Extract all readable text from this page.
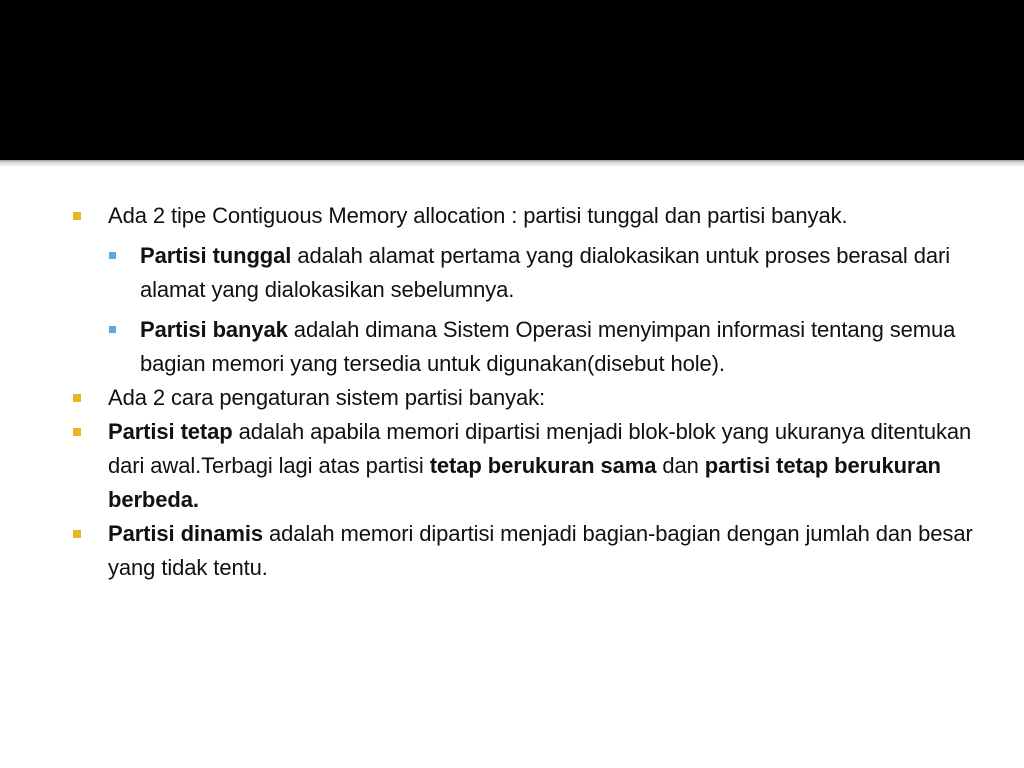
Ada 2 tipe Contiguous Memory allocation : partisi tunggal dan partisi banyak.
Partisi tunggal adalah alamat pertama yang dialokasikan untuk proses berasal dari alamat yang dialokasikan sebelumnya.
Partisi banyak adalah dimana Sistem Operasi menyimpan informasi tentang semua bagian memori yang tersedia untuk digunakan(disebut hole).
Ada 2 cara pengaturan sistem partisi banyak:
Partisi tetap adalah apabila memori dipartisi menjadi blok-blok yang ukuranya ditentukan dari awal.Terbagi lagi atas partisi tetap berukuran sama dan partisi tetap berukuran berbeda.
Partisi dinamis adalah memori dipartisi menjadi bagian-bagian dengan jumlah dan besar yang tidak tentu.
